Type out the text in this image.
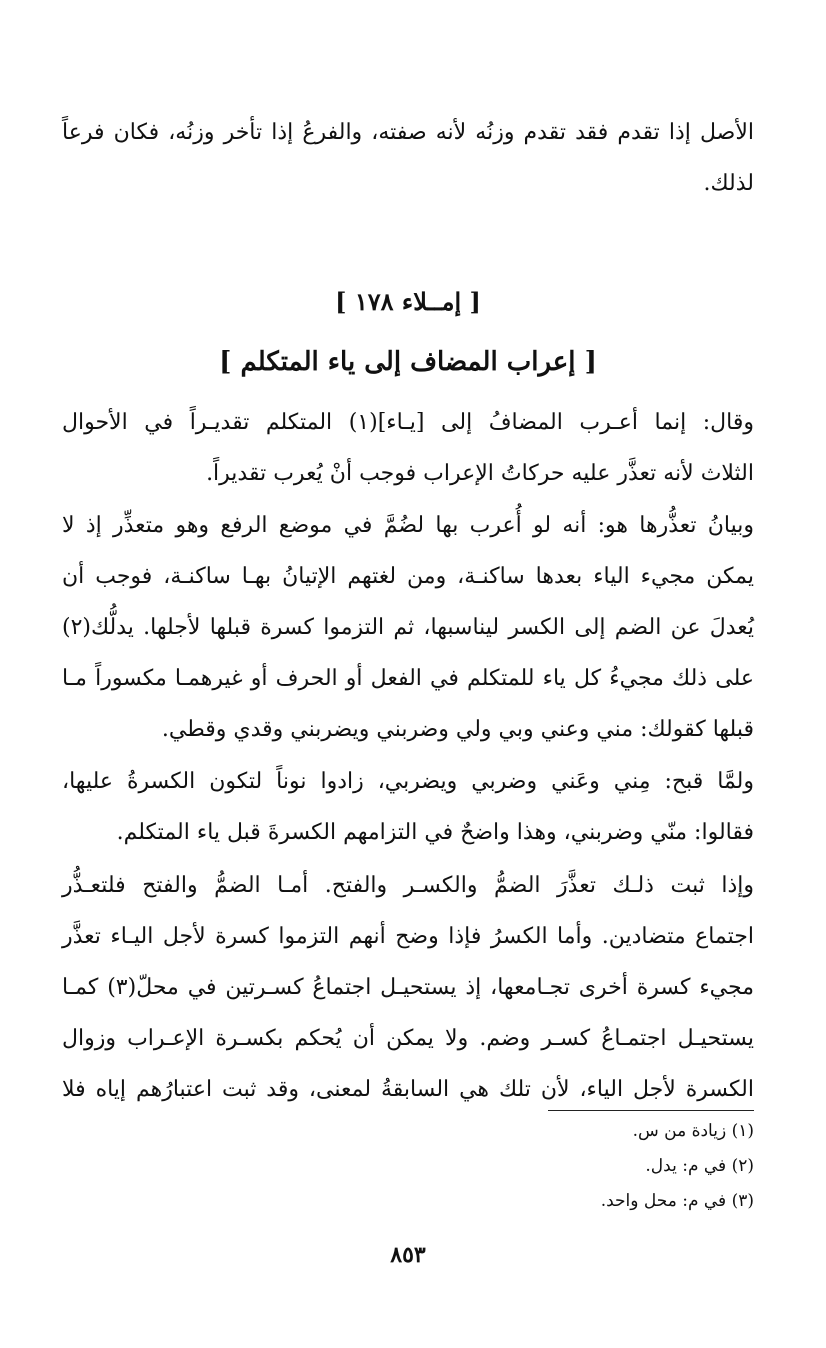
الأصل إذا تقدم فقد تقدم وزنُه لأنه صفته، والفرعُ إذا تأخر وزنُه، فكان فرعاً
لذلك.
[ إمــلاء ١٧٨ ]
[ إعراب المضاف إلى ياء المتكلم ]
وقال: إنما أعـرب المضافُ إلى [يـاء](١) المتكلم تقديـراً في الأحوال
الثلاث لأنه تعذَّر عليه حركاتُ الإعراب فوجب أنْ يُعرب تقديراً.
وبيانُ تعذُّرها هو: أنه لو أُعرب بها لضُمَّ في موضع الرفع وهو متعذِّر إذ لا
يمكن مجيء الياء بعدها ساكنـة، ومن لغتهم الإتيانُ بهـا ساكنـة، فوجب أن
يُعدلَ عن الضم إلى الكسر ليناسبها، ثم التزموا كسرة قبلها لأجلها. يدلُّك(٢)
على ذلك مجيءُ كل ياء للمتكلم في الفعل أو الحرف أو غيرهمـا مكسوراً مـا
قبلها كقولك: مني وعني وبي ولي وضربني ويضربني وقدي وقطي.
ولمَّا قبح: مِني وعَني وضربي ويضربي، زادوا نوناً لتكون الكسرةُ عليها،
فقالوا: منّي وضربني، وهذا واضحٌ في التزامهم الكسرةَ قبل ياء المتكلم.
وإذا ثبت ذلـك تعذَّرَ الضمُّ والكسـر والفتح. أمـا الضمُّ والفتح فلتعـذُّر
اجتماع متضادين. وأما الكسرُ فإذا وضح أنهم التزموا كسرة لأجل اليـاء تعذَّر
مجيء كسرة أخرى تجـامعها، إذ يستحيـل اجتماعُ كسـرتين في محلّ(٣) كمـا
يستحيـل اجتمـاعُ كسـر وضم. ولا يمكن أن يُحكم بكسـرة الإعـراب وزوال
الكسرة لأجل الياء، لأن تلك هي السابقةُ لمعنى، وقد ثبت اعتبارُهم إياه فلا
(١) زيادة من س.
(٢) في م: يدل.
(٣) في م: محل واحد.
٨٥٣
